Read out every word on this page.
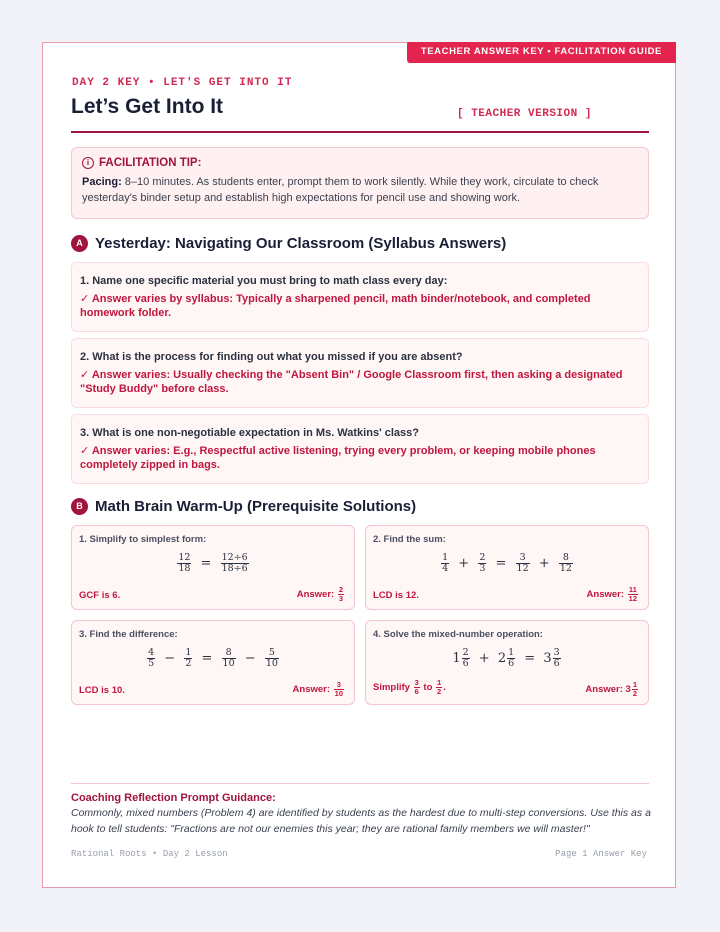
TEACHER ANSWER KEY • FACILITATION GUIDE
DAY 2 KEY • LET'S GET INTO IT
Let’s Get Into It	[ TEACHER VERSION ]
i FACILITATION TIP:
Pacing: 8–10 minutes. As students enter, prompt them to work silently. While they work, circulate to check yesterday's binder setup and establish high expectations for pencil use and showing work.
A Yesterday: Navigating Our Classroom (Syllabus Answers)
1. Name one specific material you must bring to math class every day:
✓ Answer varies by syllabus: Typically a sharpened pencil, math binder/notebook, and completed homework folder.
2. What is the process for finding out what you missed if you are absent?
✓ Answer varies: Usually checking the "Absent Bin" / Google Classroom first, then asking a designated "Study Buddy" before class.
3. What is one non-negotiable expectation in Ms. Watkins' class?
✓ Answer varies: E.g., Respectful active listening, trying every problem, or keeping mobile phones completely zipped in bags.
B Math Brain Warm-Up (Prerequisite Solutions)
1. Simplify to simplest form:
$\frac{12}{18} = \frac{12\div 6}{18\div 6}$
GCF is 6.	Answer:
2
3
2. Find the sum:
$\frac{1}{4} + \frac{2}{3} = \frac{3}{12} + \frac{8}{12}$
LCD is 12.	Answer:
11
12
3. Find the difference:
$\frac{4}{5} - \frac{1}{2} = \frac{8}{10} - \frac{5}{10}$
LCD is 10.	Answer:
3
10
4. Solve the mixed-number operation:
$1 \frac{2}{6} + 2 \frac{1}{6} = 3 \frac{3}{6}$
Simplify
3
6
to
1
2 .	Answer:
3 1
2
Coaching Reflection Prompt Guidance:
Commonly, mixed numbers (Problem 4) are identified by students as the hardest due to multi-step conversions. Use this as a hook to tell students: "Fractions are not our enemies this year; they are rational family members we will master!"
Rational Roots • Day 2 Lesson	Page 1 Answer Key
